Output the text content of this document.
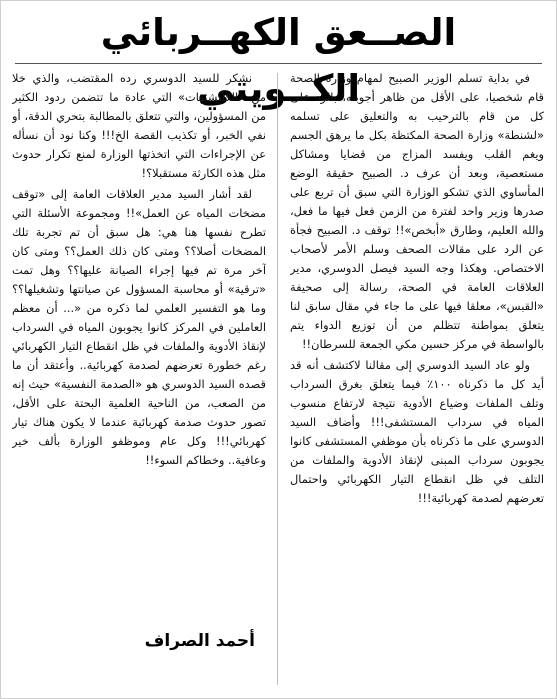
الصــعق الكهــربائي الكــويتي

في بداية تسلم الوزير الصبيح لمهام وزارة الصحة قام شخصيا، على الأقل من ظاهر أجوبته، بالرد على كل من قام بالترحيب به والتعليق على تسلمه «لشنطة» وزارة الصحة المكتظة بكل ما يرهق الجسم ويغم القلب ويفسد المزاج من قضايا ومشاكل مستعصية، وبعد أن عرف د. الصبيح حقيقة الوضع المأساوي الذي تشكو الوزارة التي سبق أن تربع على صدرها وزير واحد لفترة من الزمن فعل فيها ما فعل، والله العليم، وطارق «أبخص»!! توقف د. الصبيح فجأة عن الرد على مقالات الصحف وسلم الأمر لأصحاب الاختصاص. وهكذا وجه السيد فيصل الدوسري، مدير العلاقات العامة في الصحة، رسالة إلى صحيفة «القبس»، معلقا فيها على ما جاء في مقال سابق لنا يتعلق بمواطنة تتظلم من أن توزيع الدواء يتم بالواسطة في مركز حسين مكي الجمعة للسرطان!!

ولو عاد السيد الدوسري إلى مقالنا لاكتشف أنه قد أيد كل ما ذكرناه ١٠٠٪ فيما يتعلق بغرق السرداب وتلف الملفات وضياع الأدوية نتيجة لارتفاع منسوب المياه في سرداب المستشفى!!! وأضاف السيد الدوسري على ما ذكرناه بأن موظفي المستشفى كانوا يجوبون سرداب المبنى لإنقاذ الأدوية والملفات من التلف في ظل انقطاع التيار الكهربائي واحتمال تعرضهم لصدمة كهربائية!!!

نشكر للسيد الدوسري رده المقتضب، والذي خلا من «الكليشيهات» التي عادة ما تتضمن ردود الكثير من المسؤولين، والتي تتعلق بالمطالبة بتحري الدقة، أو نفي الخبر، أو تكذيب القصة الخ!!! وكنا نود أن نسأله عن الإجراءات التي اتخذتها الوزارة لمنع تكرار حدوث مثل هذه الكارثة مستقبلا؟!

لقد أشار السيد مدير العلاقات العامة إلى «توقف مضخات المياه عن العمل»!! ومجموعة الأسئلة التي تطرح نفسها هنا هي: هل سبق أن تم تجربة تلك المضخات أصلا؟؟ ومتى كان ذلك العمل؟؟ ومتى كان آخر مرة تم فيها إجراء الصيانة عليها؟؟ وهل تمت «ترقية» أو محاسبة المسؤول عن صيانتها وتشغيلها؟؟ وما هو التفسير العلمي لما ذكره من «... أن معظم العاملين في المركز كانوا يجوبون المياه في السرداب لإنقاذ الأدوية والملفات في ظل انقطاع التيار الكهربائي رغم خطورة تعرضهم لصدمة كهربائية.. وأعتقد أن ما قصده السيد الدوسري هو «الصدمة النفسية» حيث إنه من الصعب، من الناحية العلمية البحتة على الأقل، تصور حدوث صدمة كهربائية عندما لا يكون هناك تيار كهربائي!!! وكل عام وموظفو الوزارة بألف خير وعافية.. وخطاكم السوء!!

أحمد الصراف
